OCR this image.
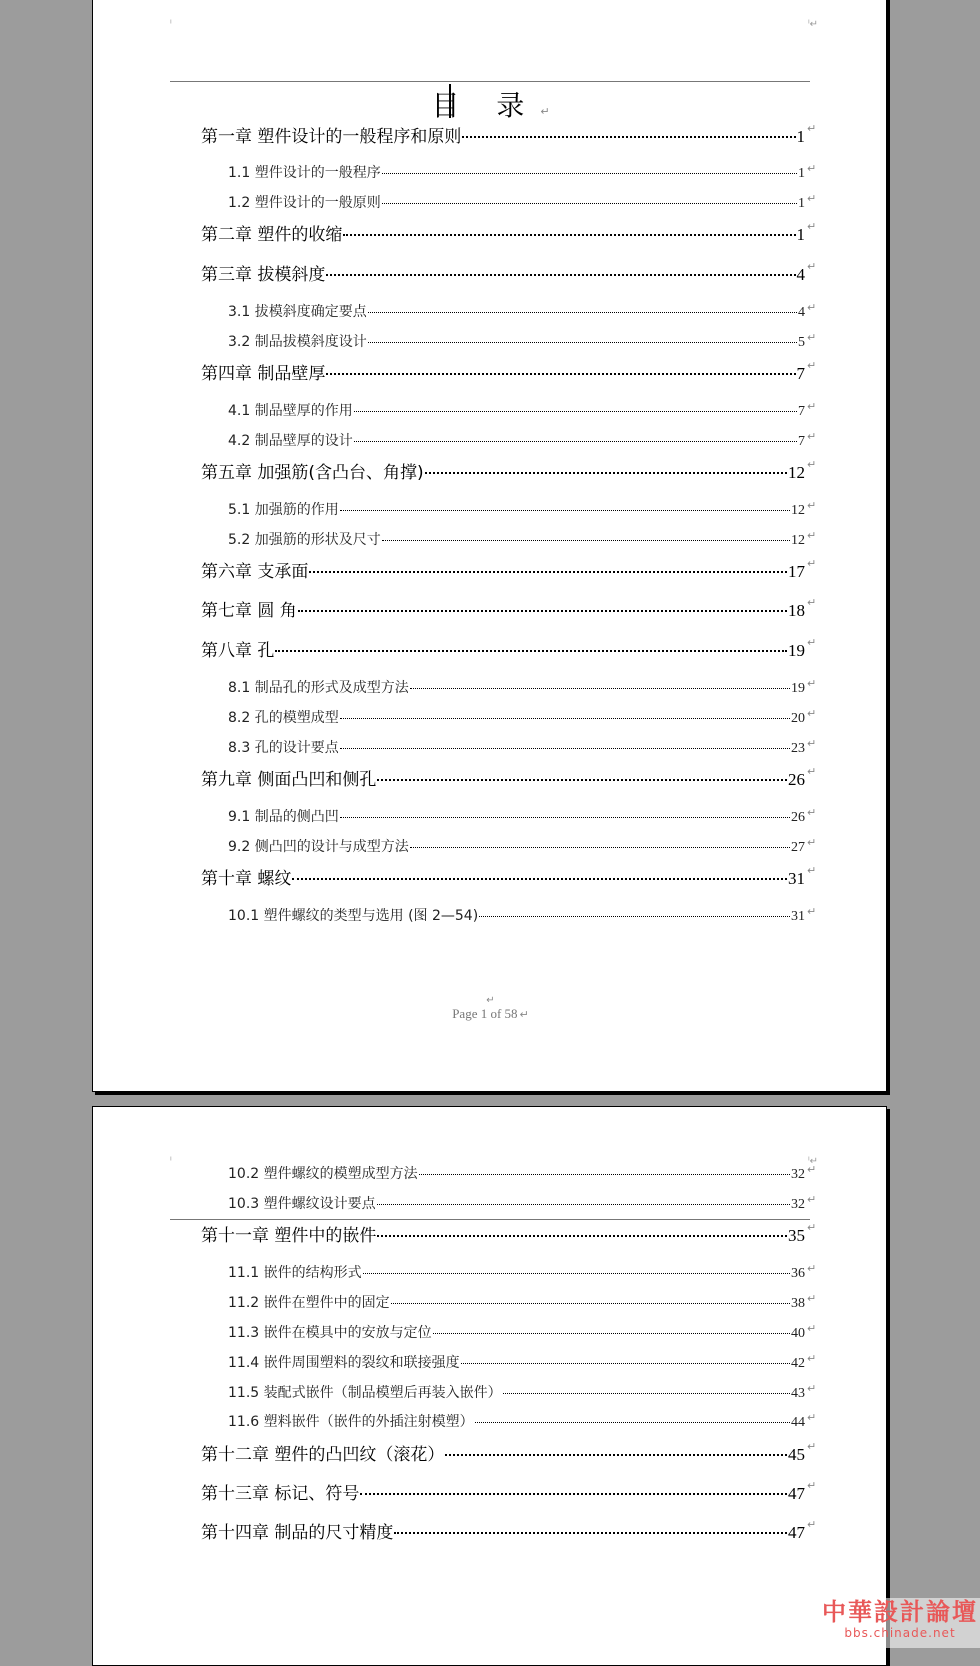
ˡ	ˡ↵
目 录 ↵
第一章 塑件设计的一般程序和原则	1 ↵
1.1 塑件设计的一般程序	1 ↵
1.2 塑件设计的一般原则	1 ↵
第二章 塑件的收缩	1 ↵
第三章 拔模斜度	4 ↵
3.1 拔模斜度确定要点	4 ↵
3.2 制品拔模斜度设计	5 ↵
第四章 制品壁厚	7 ↵
4.1 制品壁厚的作用	7 ↵
4.2 制品壁厚的设计	7 ↵
第五章 加强筋(含凸台、角撑)	12 ↵
5.1 加强筋的作用	12 ↵
5.2 加强筋的形状及尺寸	12 ↵
第六章 支承面	17 ↵
第七章 圆 角	18 ↵
第八章 孔	19 ↵
8.1 制品孔的形式及成型方法	19 ↵
8.2 孔的模塑成型	20 ↵
8.3 孔的设计要点	23 ↵
第九章 侧面凸凹和侧孔	26 ↵
9.1 制品的侧凸凹	26 ↵
9.2 侧凸凹的设计与成型方法	27 ↵
第十章 螺纹	31 ↵
10.1 塑件螺纹的类型与选用 (图 2—54)	31 ↵
↵
Page 1 of 58 ↵
ˡ	ˡ↵
10.2 塑件螺纹的模塑成型方法	32 ↵
10.3 塑件螺纹设计要点	32 ↵
第十一章 塑件中的嵌件	35 ↵
11.1 嵌件的结构形式	36 ↵
11.2 嵌件在塑件中的固定	38 ↵
11.3 嵌件在模具中的安放与定位	40 ↵
11.4 嵌件周围塑料的裂纹和联接强度	42 ↵
11.5 装配式嵌件（制品模塑后再装入嵌件）	43 ↵
11.6 塑料嵌件（嵌件的外插注射模塑）	44 ↵
第十二章 塑件的凸凹纹（滚花）	45 ↵
第十三章 标记、符号	47 ↵
第十四章 制品的尺寸精度	47 ↵
中華設計論壇
bbs.chinade.net
